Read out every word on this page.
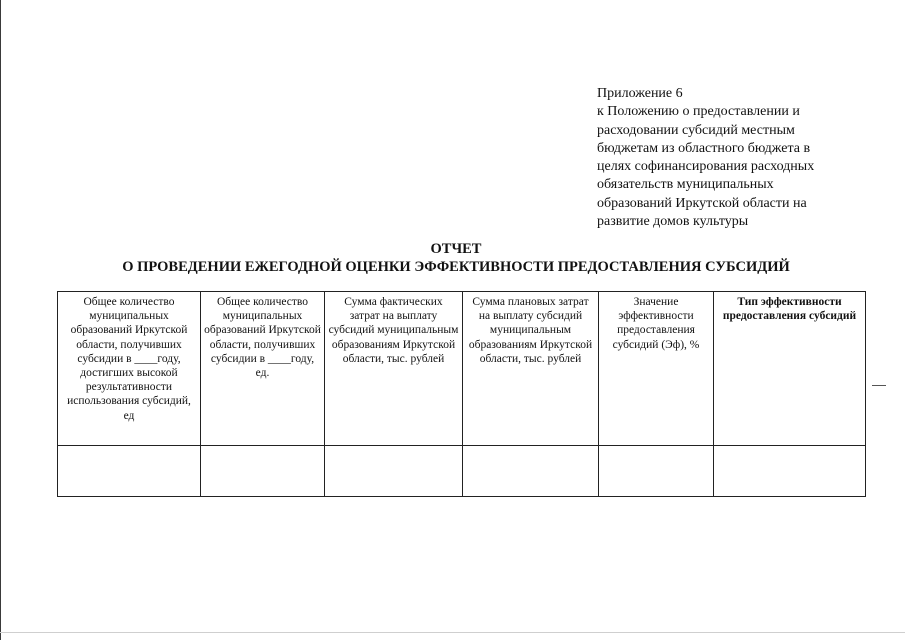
Приложение 6
к Положению о предоставлении и
расходовании субсидий местным
бюджетам из областного бюджета в
целях софинансирования расходных
обязательств муниципальных
образований Иркутской области на
развитие домов культуры
ОТЧЕТ
О ПРОВЕДЕНИИ ЕЖЕГОДНОЙ ОЦЕНКИ ЭФФЕКТИВНОСТИ ПРЕДОСТАВЛЕНИЯ СУБСИДИЙ
Общее количество муниципальных образований Иркутской области, получивших субсидии в ____году, достигших высокой результативности использования субсидий, ед	Общее количество муниципальных образований Иркутской области, получивших субсидии в ____году, ед.	Сумма фактических затрат на выплату субсидий муниципальным образованиям Иркутской области, тыс. рублей	Сумма плановых затрат на выплату субсидий муниципальным образованиям Иркутской области, тыс. рублей	Значение эффективности предоставления субсидий (Эф), %	Тип эффективности предоставления субсидий
